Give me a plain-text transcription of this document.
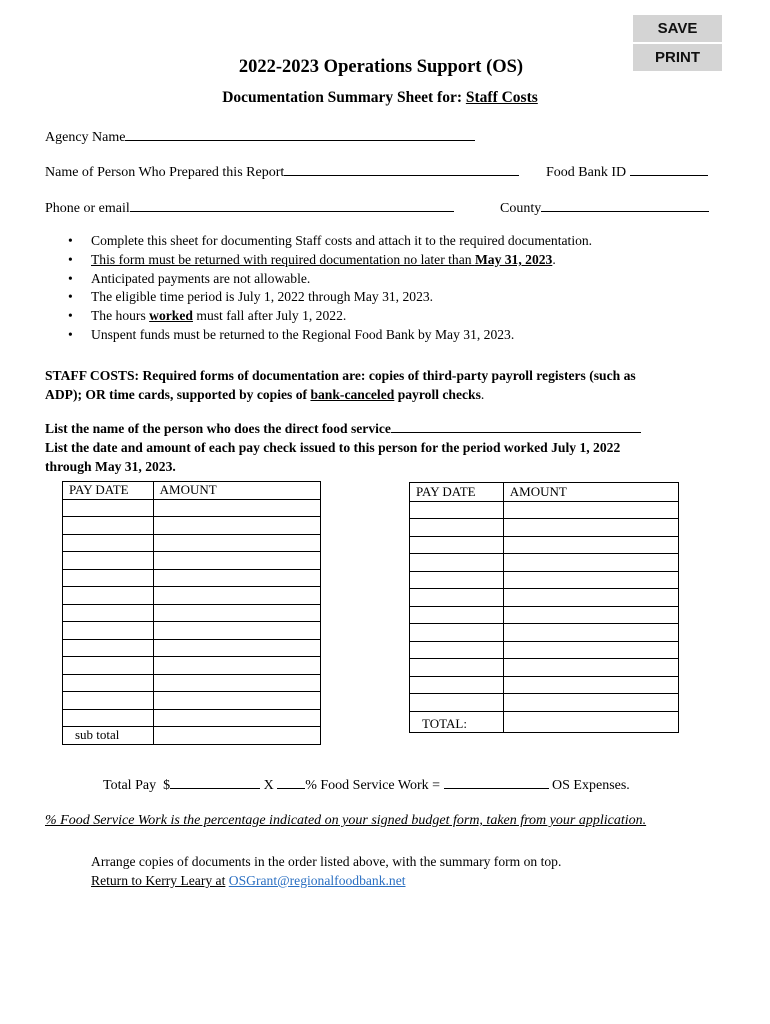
SAVE
PRINT
2022-2023 Operations Support (OS)
Documentation Summary Sheet for: Staff Costs
Agency Name
Name of Person Who Prepared this Report	Food Bank ID
Phone or email	County
• Complete this sheet for documenting Staff costs and attach it to the required documentation.
• This form must be returned with required documentation no later than May 31, 2023.
• Anticipated payments are not allowable.
• The eligible time period is July 1, 2022 through May 31, 2023.
• The hours worked must fall after July 1, 2022.
• Unspent funds must be returned to the Regional Food Bank by May 31, 2023.
STAFF COSTS: Required forms of documentation are: copies of third-party payroll registers (such as
ADP); OR time cards, supported by copies of bank-canceled payroll checks.
List the name of the person who does the direct food service
List the date and amount of each pay check issued to this person for the period worked July 1, 2022
through May 31, 2023.
PAY DATE	AMOUNT

sub total	
PAY DATE	AMOUNT

TOTAL:	
Total Pay $	X % Food Service Work =	OS Expenses.
% Food Service Work is the percentage indicated on your signed budget form, taken from your application.
Arrange copies of documents in the order listed above, with the summary form on top.
Return to Kerry Leary at OSGrant@regionalfoodbank.net
